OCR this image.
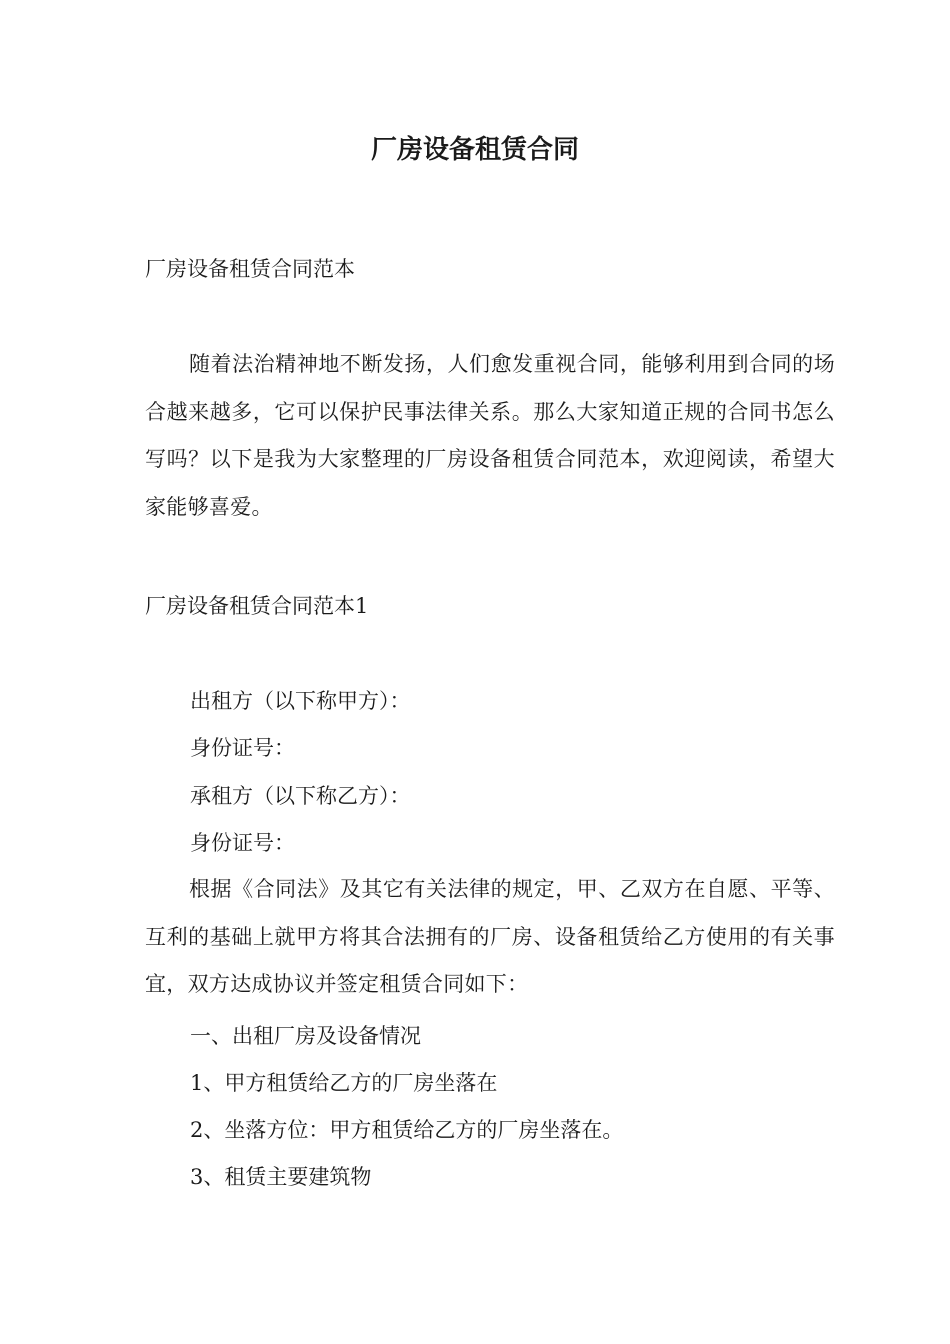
厂房设备租赁合同
厂房设备租赁合同范本

随着法治精神地不断发扬，人们愈发重视合同，能够利用到合同的场合越来越多，它可以保护民事法律关系。那么大家知道正规的合同书怎么写吗？以下是我为大家整理的厂房设备租赁合同范本，欢迎阅读，希望大家能够喜爱。

厂房设备租赁合同范本1
出租方（以下称甲方）：
身份证号：
承租方（以下称乙方）：
身份证号：

根据《合同法》及其它有关法律的规定，甲、乙双方在自愿、平等、互利的基础上就甲方将其合法拥有的厂房、设备租赁给乙方使用的有关事宜，双方达成协议并签定租赁合同如下：

一、出租厂房及设备情况
1、甲方租赁给乙方的厂房坐落在
2、坐落方位：甲方租赁给乙方的厂房坐落在。
3、租赁主要建筑物
